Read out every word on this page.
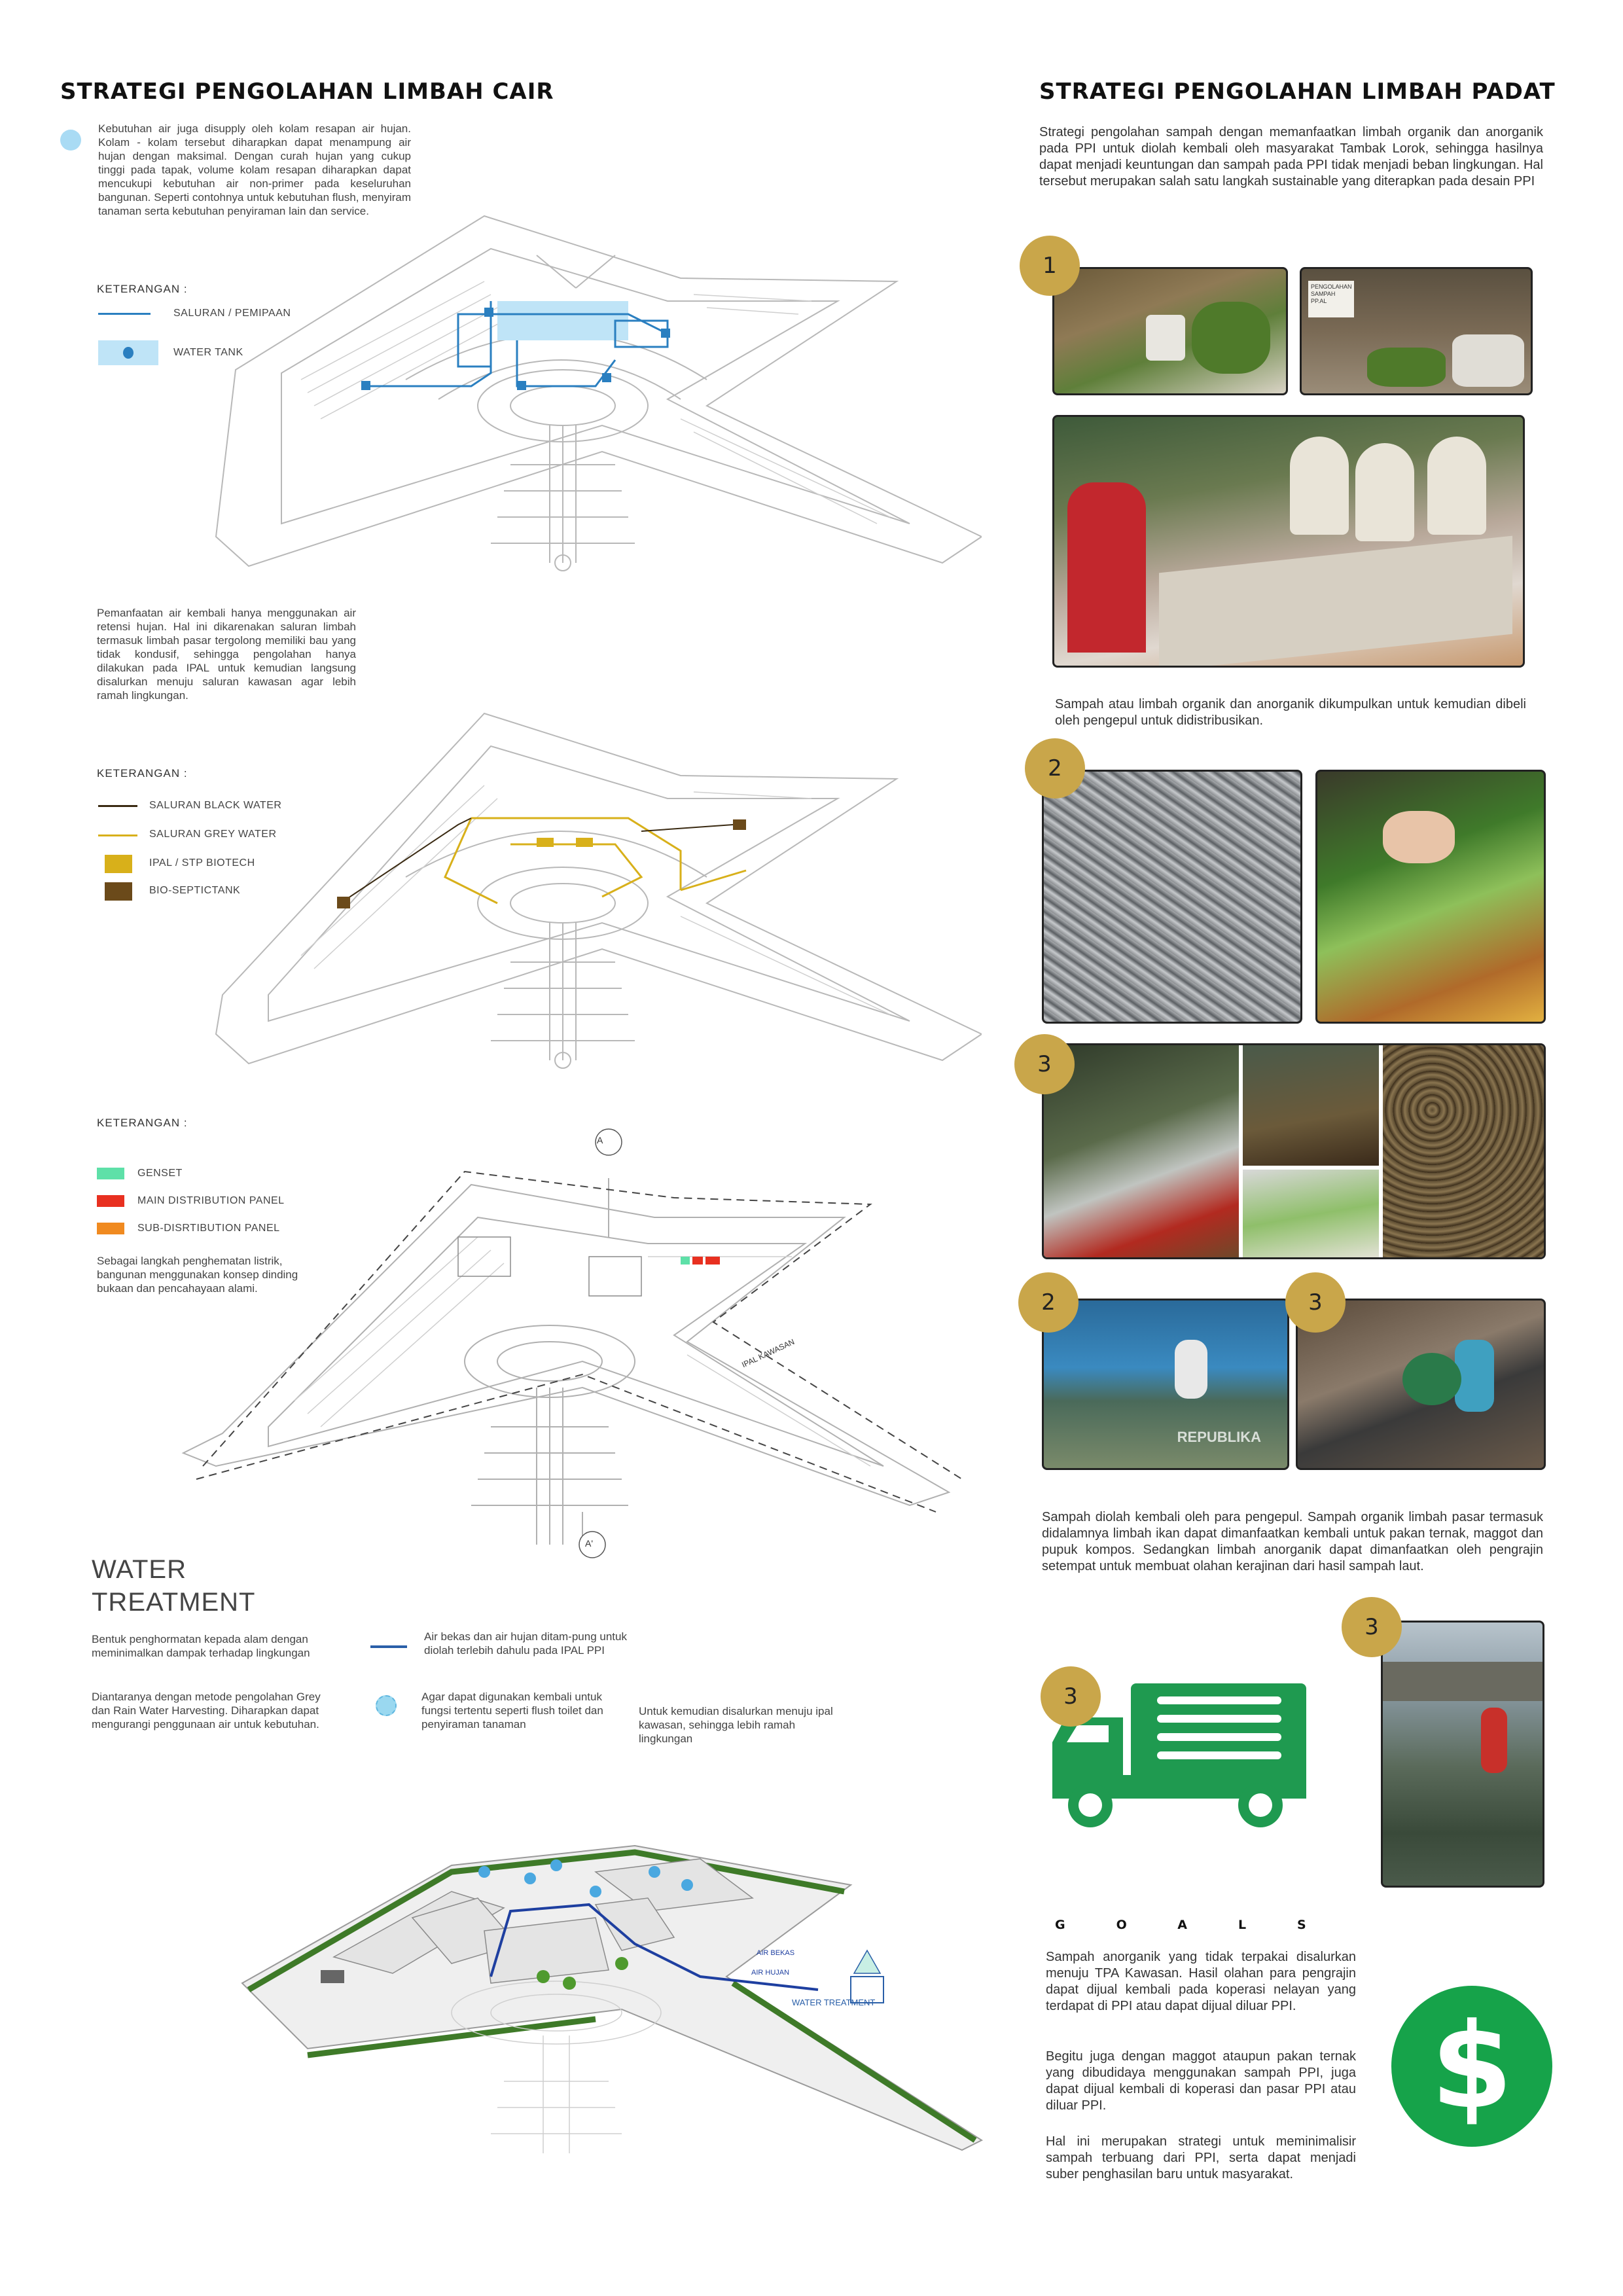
STRATEGI PENGOLAHAN LIMBAH CAIR
Kebutuhan air juga disupply oleh kolam resapan air hujan. Kolam - kolam tersebut diharapkan dapat menampung air hujan dengan maksimal. Dengan curah hujan yang cukup tinggi pada tapak, volume kolam resapan diharapkan dapat mencukupi kebutuhan air non-primer pada keseluruhan bangunan. Seperti contohnya untuk kebutuhan flush, menyiram tanaman serta kebutuhan penyiraman lain dan service.
KETERANGAN :
SALURAN / PEMIPAAN
WATER TANK
Pemanfaatan air kembali hanya menggunakan air retensi hujan. Hal ini dikarenakan saluran limbah termasuk limbah pasar tergolong memiliki bau yang tidak kondusif, sehingga pengolahan hanya dilakukan pada IPAL untuk kemudian langsung disalurkan menuju saluran kawasan agar lebih ramah lingkungan.
KETERANGAN :
SALURAN BLACK WATER
SALURAN GREY WATER
IPAL / STP BIOTECH
BIO-SEPTICTANK
KETERANGAN :
GENSET
MAIN DISTRIBUTION PANEL
SUB-DISRTIBUTION PANEL
Sebagai langkah penghematan listrik, bangunan menggunakan konsep dinding bukaan dan pencahayaan alami.
A
A'
IPAL KAWASAN
WATER
TREATMENT
Bentuk penghormatan kepada alam dengan meminimalkan dampak terhadap lingkungan
Diantaranya dengan metode pengolahan Grey dan Rain Water Harvesting. Diharapkan dapat mengurangi penggunaan air untuk kebutuhan.
Air bekas dan air hujan ditam-pung untuk diolah terlebih dahulu pada IPAL PPI
Agar dapat digunakan kembali untuk fungsi tertentu seperti flush toilet dan penyiraman tanaman
Untuk kemudian disalurkan menuju ipal kawasan, sehingga lebih ramah lingkungan
AIR BEKAS
AIR HUJAN
WATER TREATMENT
STRATEGI PENGOLAHAN LIMBAH PADAT
Strategi pengolahan sampah dengan memanfaatkan limbah organik dan anorganik pada PPI untuk diolah kembali oleh masyarakat Tambak Lorok, sehingga hasilnya dapat menjadi keuntungan dan sampah pada PPI tidak menjadi beban lingkungan. Hal tersebut merupakan salah satu langkah sustainable yang diterapkan pada desain PPI
PENGOLAHAN SAMPAH PP.AL
1
Sampah atau limbah organik dan anorganik dikumpulkan untuk kemudian dibeli oleh pengepul untuk didistribusikan.
2
3
REPUBLIKA
2	3
Sampah diolah kembali oleh para pengepul. Sampah organik limbah pasar termasuk didalamnya limbah ikan dapat dimanfaatkan kembali untuk pakan ternak, maggot dan pupuk kompos. Sedangkan limbah anorganik dapat dimanfaatkan oleh pengrajin setempat untuk membuat olahan kerajinan dari hasil sampah laut.
3
3
GOALS
Sampah anorganik yang tidak terpakai disalurkan menuju TPA Kawasan. Hasil olahan para pengrajin dapat dijual kembali pada koperasi nelayan yang terdapat di PPI atau dapat dijual diluar PPI.
Begitu juga dengan maggot ataupun pakan ternak yang dibudidaya menggunakan sampah PPI, juga dapat dijual kembali di koperasi dan pasar PPI atau diluar PPI.
Hal ini merupakan strategi untuk meminimalisir sampah terbuang dari PPI, serta dapat menjadi suber penghasilan baru untuk masyarakat.
$
